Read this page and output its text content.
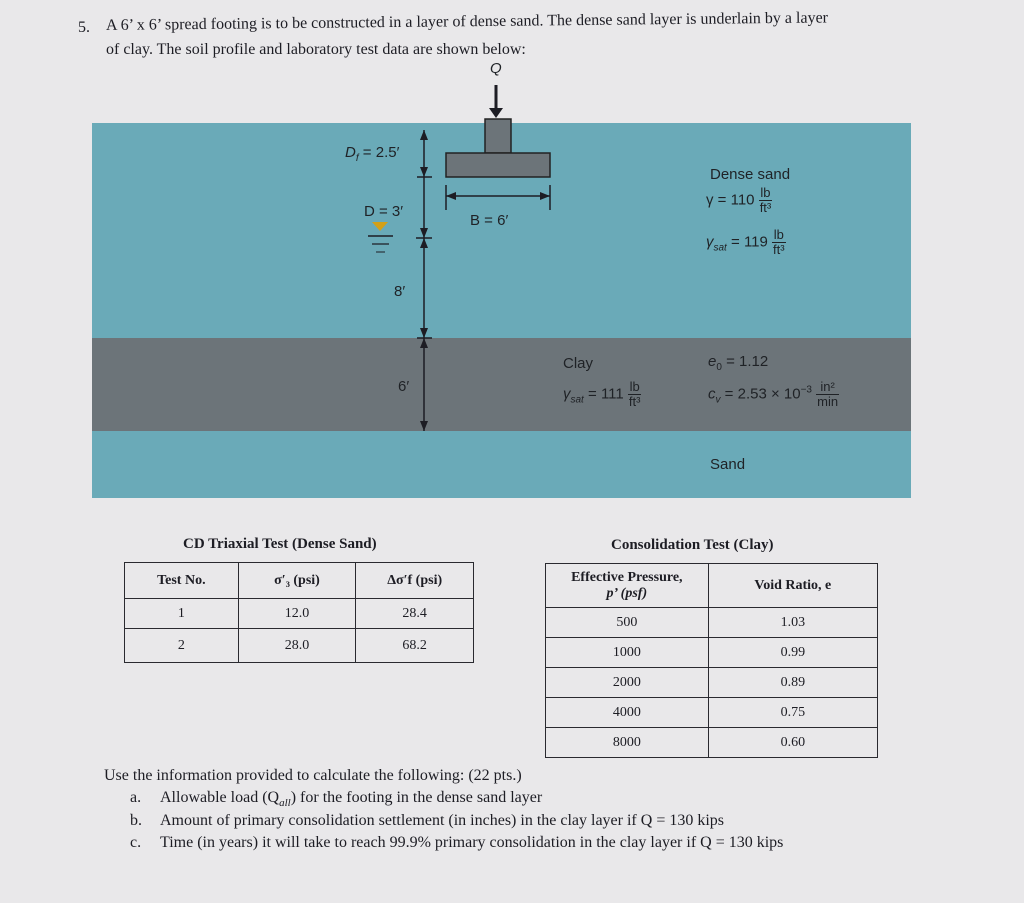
5. A 6’ x 6’ spread footing is to be constructed in a layer of dense sand. The dense sand layer is underlain by a layer
of clay. The soil profile and laboratory test data are shown below:
Q
$D_f = 2.5'$
D = 3′
B = 6′
8′
6′
Dense sand
$\gamma = 110 \frac{lb}{\text{ft³}}$
$\gamma_{sat} = 119 \frac{lb}{\text{ft³}}$
Clay
$\gamma_{sat} = 111 \frac{lb}{\text{ft³}}$
$e_0 = 1.12$
$c_v = 2.53 \times 10^{-3} \frac{\text{in²}}{\min}$
Sand
CD Triaxial Test (Dense Sand)
Test No.	σ′₃ (psi)	Δσ′f (psi)
1	12.0	28.4
2	28.0	68.2
Consolidation Test (Clay)
Effective Pressure,
p’ (psf)	Void Ratio, e
500	1.03
1000	0.99
2000	0.89
4000	0.75
8000	0.60
Use the information provided to calculate the following: (22 pts.)
a. Allowable load $(Q_{all})$ for the footing in the dense sand layer
b. Amount of primary consolidation settlement (in inches) in the clay layer if Q = 130 kips
c. Time (in years) it will take to reach 99.9% primary consolidation in the clay layer if Q = 130 kips
